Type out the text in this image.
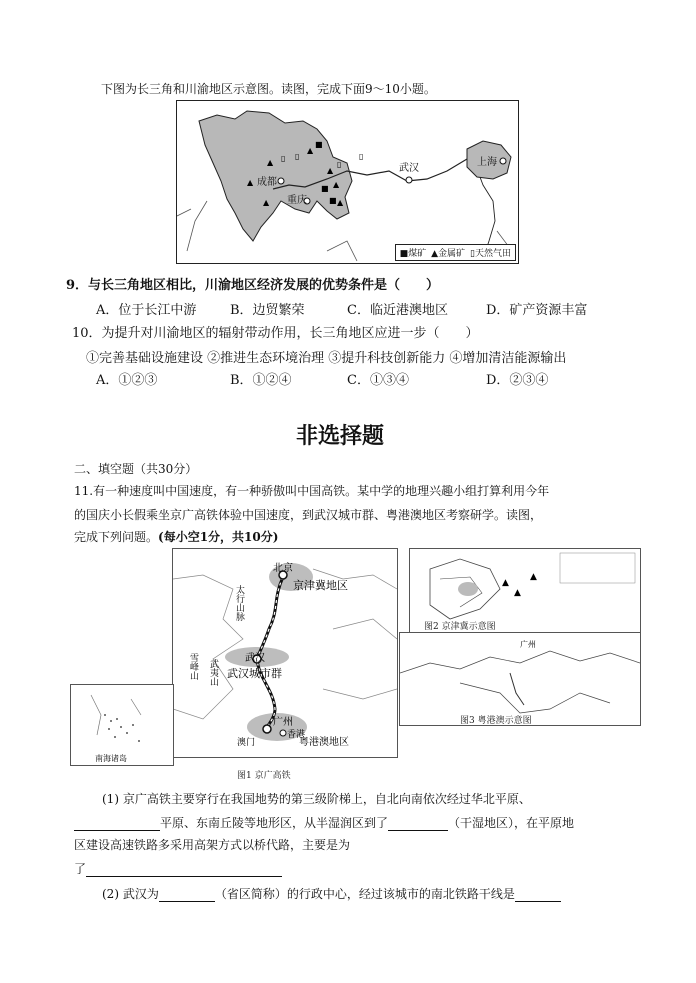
下图为长三角和川渝地区示意图。读图，完成下面9～10小题。
▲ ▯ ▯
▲
■
▲
▯
■ ▲
■ ▲
▲
▲
▯
成都
重庆
武汉
上海
■煤矿 ▲金属矿 ▯天然气田
9．与长三角地区相比，川渝地区经济发展的优势条件是（　　）
A．位于长江中游	B．边贸繁荣	C．临近港澳地区	D．矿产资源丰富
10．为提升对川渝地区的辐射带动作用，长三角地区应进一步（　　）
①完善基础设施建设 ②推进生态环境治理 ③提升科技创新能力 ④增加清洁能源输出
A．①②③	B．①②④	C．①③④	D．②③④
非选择题
二、填空题（共30分）
11.有一种速度叫中国速度，有一种骄傲叫中国高铁。某中学的地理兴趣小组打算利用今年
的国庆小长假乘坐京广高铁体验中国速度，到武汉城市群、粤港澳地区考察研学。读图，
完成下列问题。(每小空1分，共10分)
北京
京津冀地区
太行山脉
武汉
武汉城市群
雪峰山 武夷山
广州
香港
澳门	粤港澳地区
图1 京广高铁
南海诸岛
▲
▲
▲
图2 京津冀示意图
广州
图3 粤港澳示意图
(1) 京广高铁主要穿行在我国地势的第三级阶梯上，自北向南依次经过华北平原、
平原、东南丘陵等地形区，从半湿润区到了	（干湿地区），在平原地
区建设高速铁路多采用高架方式以桥代路，主要是为
了
(2) 武汉为	（省区简称）的行政中心，经过该城市的南北铁路干线是
